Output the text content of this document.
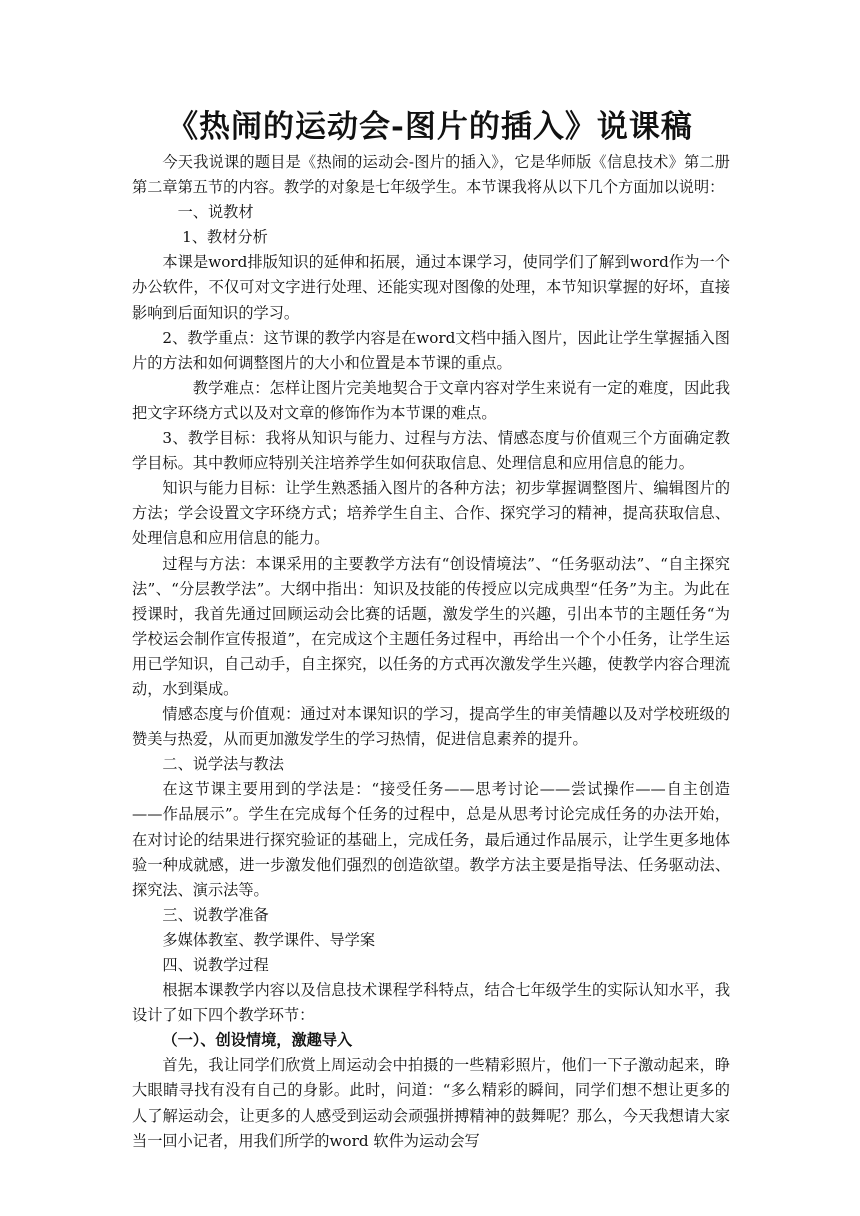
《热闹的运动会-图片的插入》说课稿

今天我说课的题目是《热闹的运动会-图片的插入》，它是华师版《信息技术》第二册第二章第五节的内容。教学的对象是七年级学生。本节课我将从以下几个方面加以说明：

一、说教材

1、教材分析

本课是word排版知识的延伸和拓展，通过本课学习，使同学们了解到word作为一个办公软件，不仅可对文字进行处理、还能实现对图像的处理，本节知识掌握的好坏，直接影响到后面知识的学习。

2、教学重点：这节课的教学内容是在word文档中插入图片，因此让学生掌握插入图片的方法和如何调整图片的大小和位置是本节课的重点。

教学难点：怎样让图片完美地契合于文章内容对学生来说有一定的难度，因此我把文字环绕方式以及对文章的修饰作为本节课的难点。

3、教学目标：我将从知识与能力、过程与方法、情感态度与价值观三个方面确定教学目标。其中教师应特别关注培养学生如何获取信息、处理信息和应用信息的能力。

知识与能力目标：让学生熟悉插入图片的各种方法；初步掌握调整图片、编辑图片的方法；学会设置文字环绕方式；培养学生自主、合作、探究学习的精神，提高获取信息、处理信息和应用信息的能力。

过程与方法：本课采用的主要教学方法有“创设情境法”、“任务驱动法”、“自主探究法”、“分层教学法”。大纲中指出：知识及技能的传授应以完成典型“任务”为主。为此在授课时，我首先通过回顾运动会比赛的话题，激发学生的兴趣，引出本节的主题任务“为学校运会制作宣传报道”，在完成这个主题任务过程中，再给出一个个小任务，让学生运用已学知识，自己动手，自主探究，以任务的方式再次激发学生兴趣，使教学内容合理流动，水到渠成。

情感态度与价值观：通过对本课知识的学习，提高学生的审美情趣以及对学校班级的赞美与热爱，从而更加激发学生的学习热情，促进信息素养的提升。

二、说学法与教法

在这节课主要用到的学法是：“接受任务——思考讨论——尝试操作——自主创造——作品展示”。学生在完成每个任务的过程中，总是从思考讨论完成任务的办法开始，在对讨论的结果进行探究验证的基础上，完成任务，最后通过作品展示，让学生更多地体验一种成就感，进一步激发他们强烈的创造欲望。教学方法主要是指导法、任务驱动法、探究法、演示法等。

三、说教学准备

多媒体教室、教学课件、导学案

四、说教学过程

根据本课教学内容以及信息技术课程学科特点，结合七年级学生的实际认知水平，我设计了如下四个教学环节：

（一）、创设情境，激趣导入

首先，我让同学们欣赏上周运动会中拍摄的一些精彩照片，他们一下子激动起来，睁大眼睛寻找有没有自己的身影。此时，问道：“多么精彩的瞬间，同学们想不想让更多的人了解运动会，让更多的人感受到运动会顽强拼搏精神的鼓舞呢？那么，今天我想请大家当一回小记者，用我们所学的word 软件为运动会写
